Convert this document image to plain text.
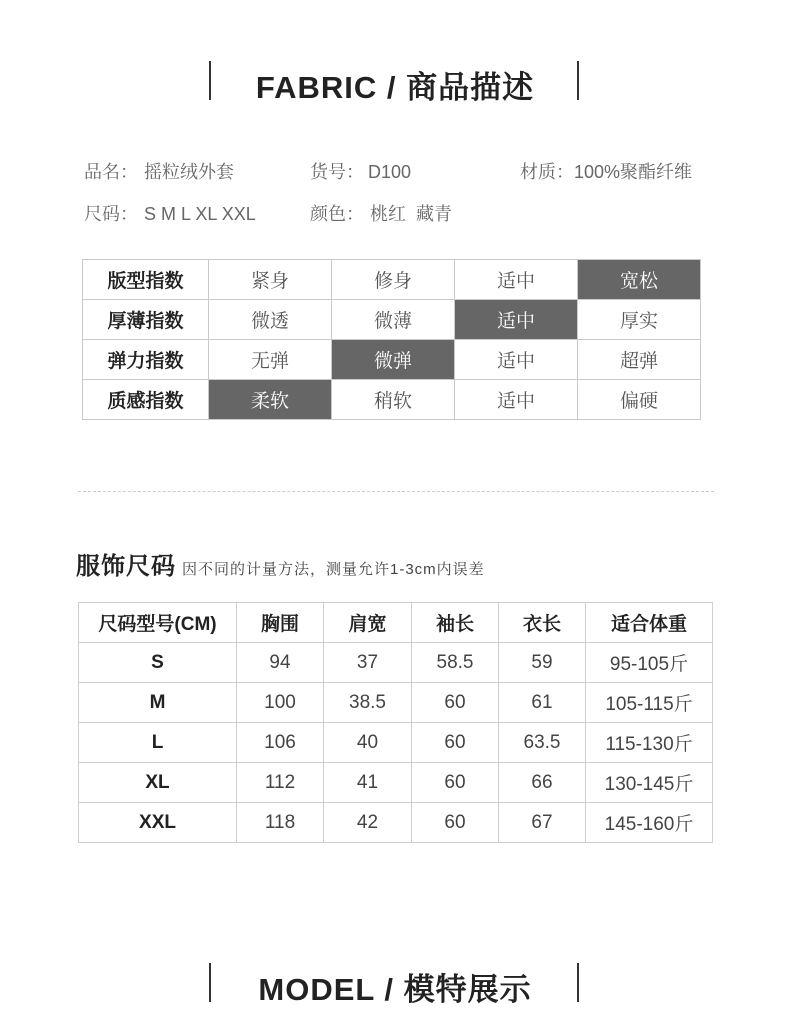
FABRIC / 商品描述
品名： 摇粒绒外套	货号： D100	材质：100%聚酯纤维
尺码： S M L XL XXL	颜色： 桃红  藏青
版型指数	紧身	修身	适中	宽松
厚薄指数	微透	微薄	适中	厚实
弹力指数	无弹	微弹	适中	超弹
质感指数	柔软	稍软	适中	偏硬
服饰尺码 因不同的计量方法，测量允许1-3cm内误差
尺码型号(CM)	胸围	肩宽	袖长	衣长	适合体重
S	94	37	58.5	59	95-105斤
M	100	38.5	60	61	105-115斤
L	106	40	60	63.5	115-130斤
XL	112	41	60	66	130-145斤
XXL	118	42	60	67	145-160斤
MODEL / 模特展示
